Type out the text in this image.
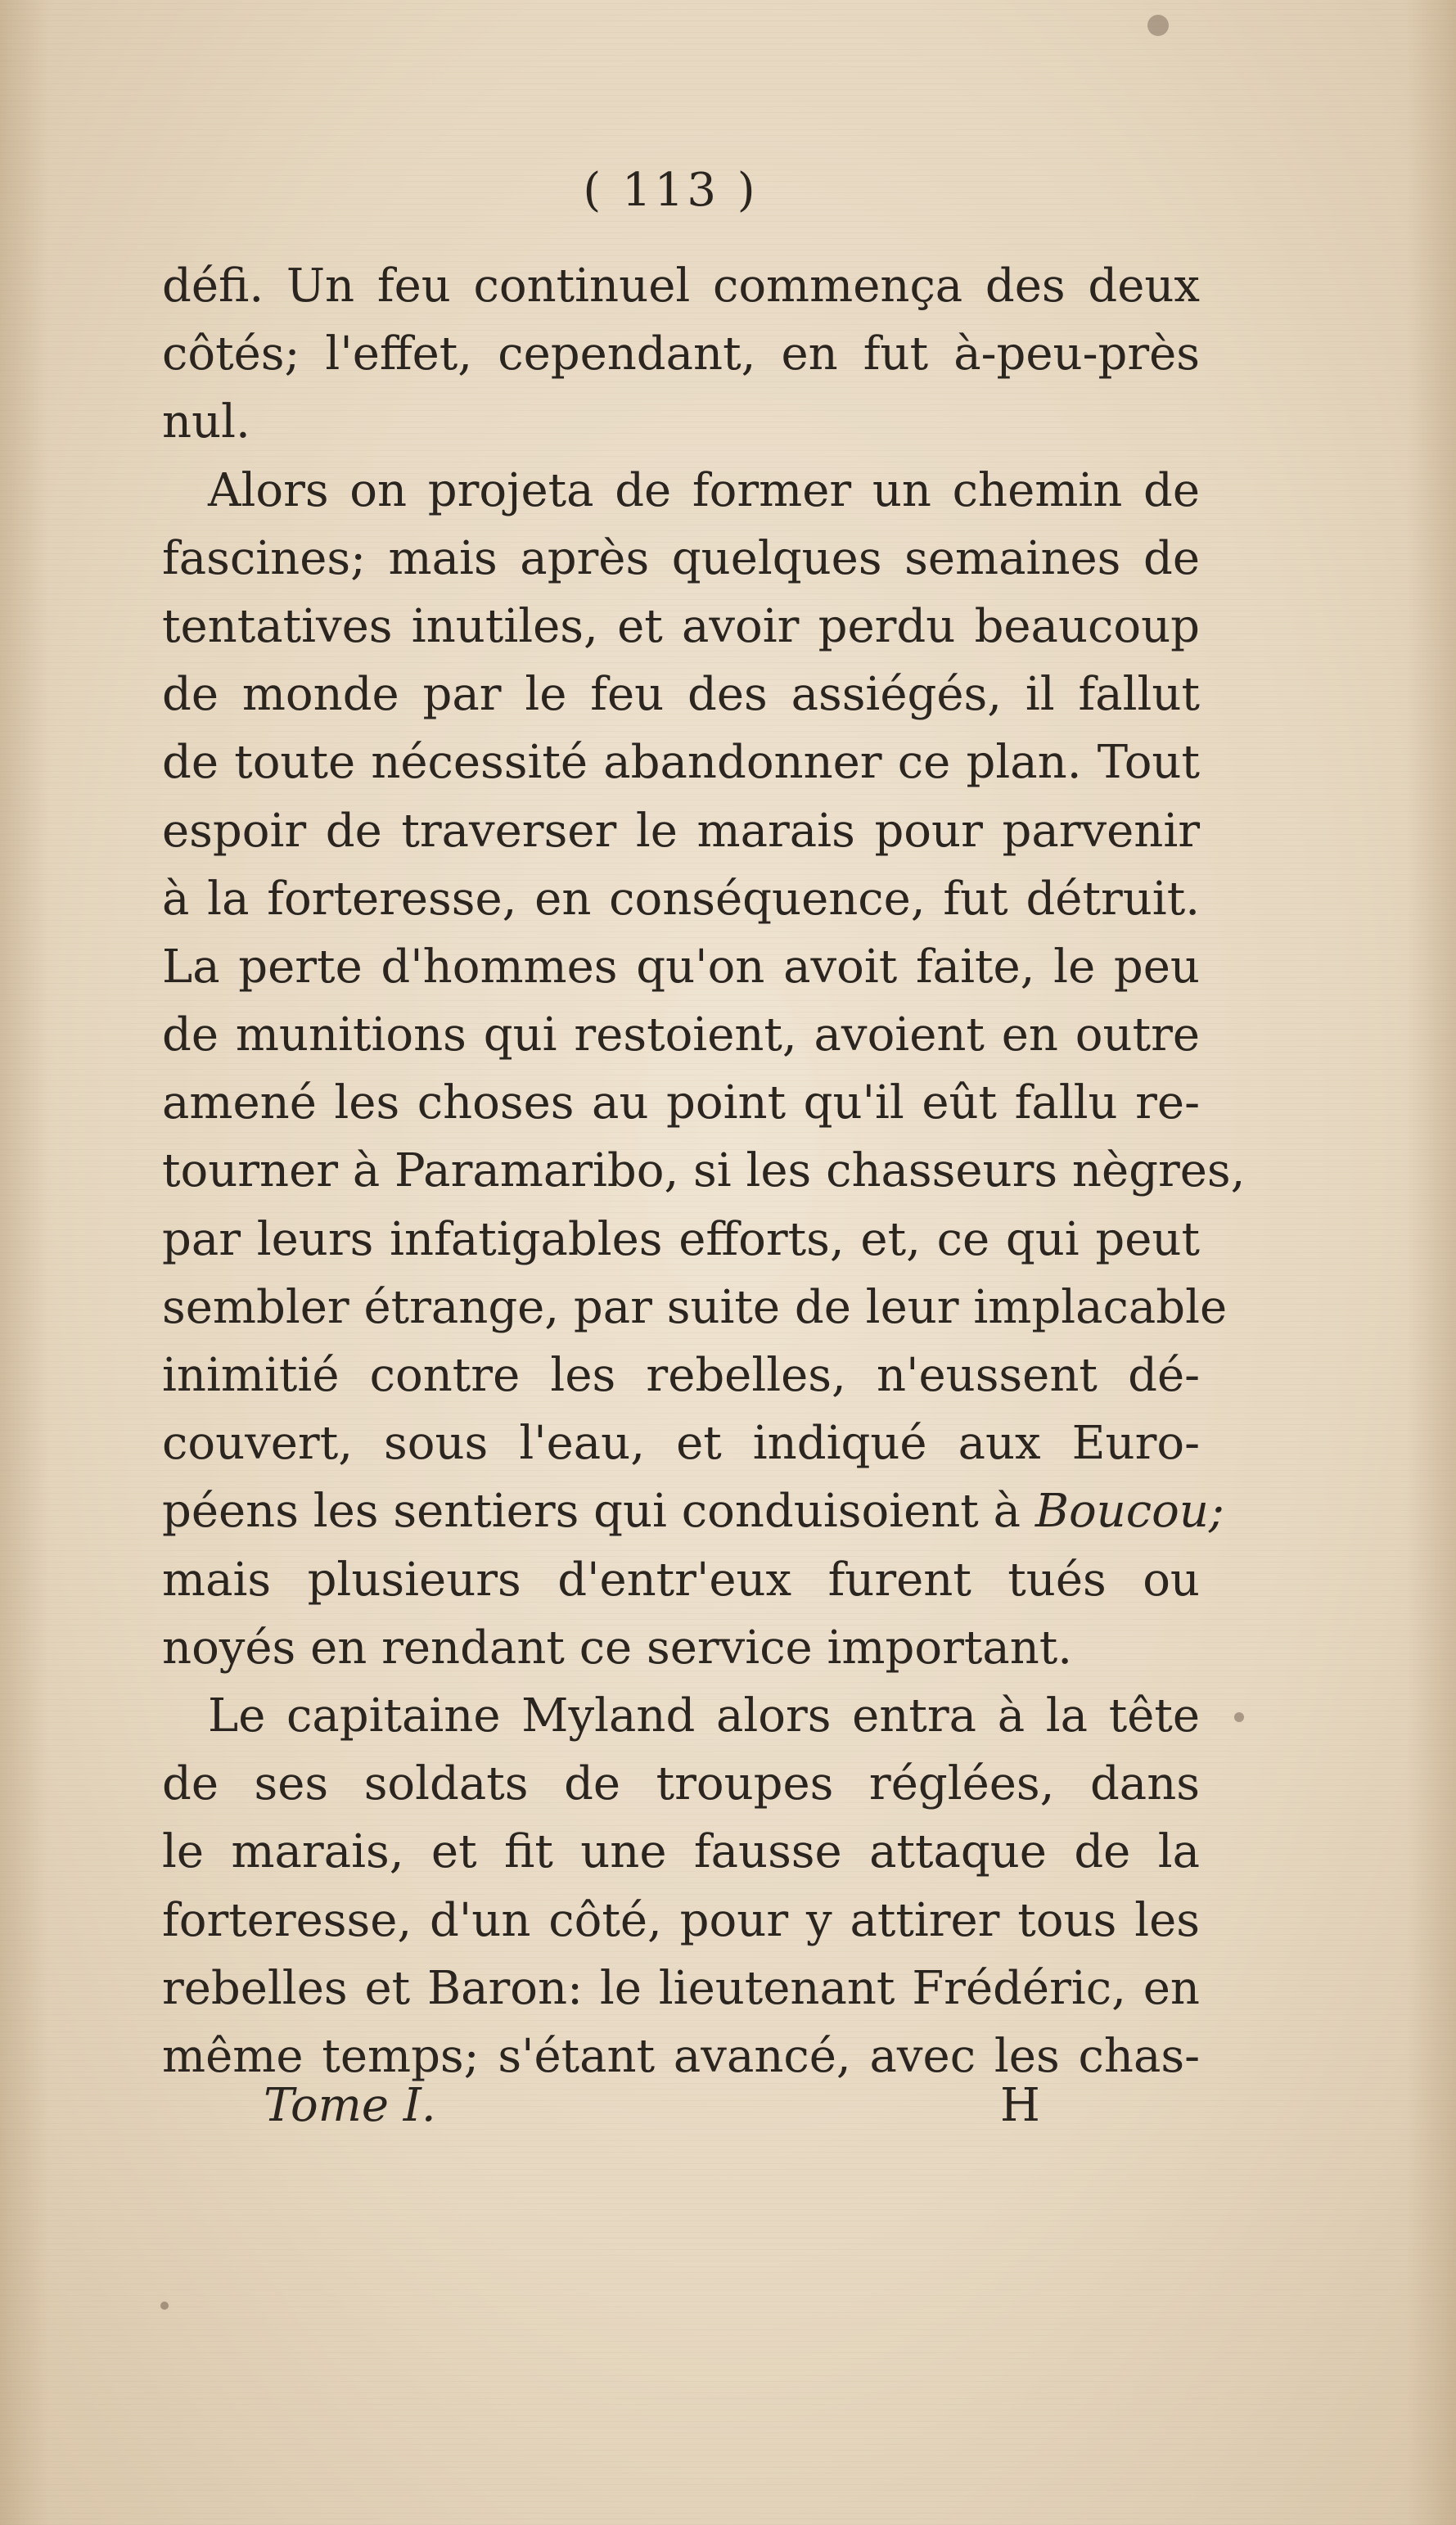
( 113 )
défi. Un feu continuel commença des deux
côtés; l'effet, cependant, en fut à-peu-près
nul.
Alors on projeta de former un chemin de
fascines; mais après quelques semaines de
tentatives inutiles, et avoir perdu beaucoup
de monde par le feu des assiégés, il fallut
de toute nécessité abandonner ce plan. Tout
espoir de traverser le marais pour parvenir
à la forteresse, en conséquence, fut détruit.
La perte d'hommes qu'on avoit faite, le peu
de munitions qui restoient, avoient en outre
amené les choses au point qu'il eût fallu re-
tourner à Paramaribo, si les chasseurs nègres,
par leurs infatigables efforts, et, ce qui peut
sembler étrange, par suite de leur implacable
inimitié contre les rebelles, n'eussent dé-
couvert, sous l'eau, et indiqué aux Euro-
péens les sentiers qui conduisoient à Boucou;
mais plusieurs d'entr'eux furent tués ou
noyés en rendant ce service important.
Le capitaine Myland alors entra à la tête
de ses soldats de troupes réglées, dans
le marais, et fit une fausse attaque de la
forteresse, d'un côté, pour y attirer tous les
rebelles et Baron: le lieutenant Frédéric, en
même temps; s'étant avancé, avec les chas-
Tome I.	H
